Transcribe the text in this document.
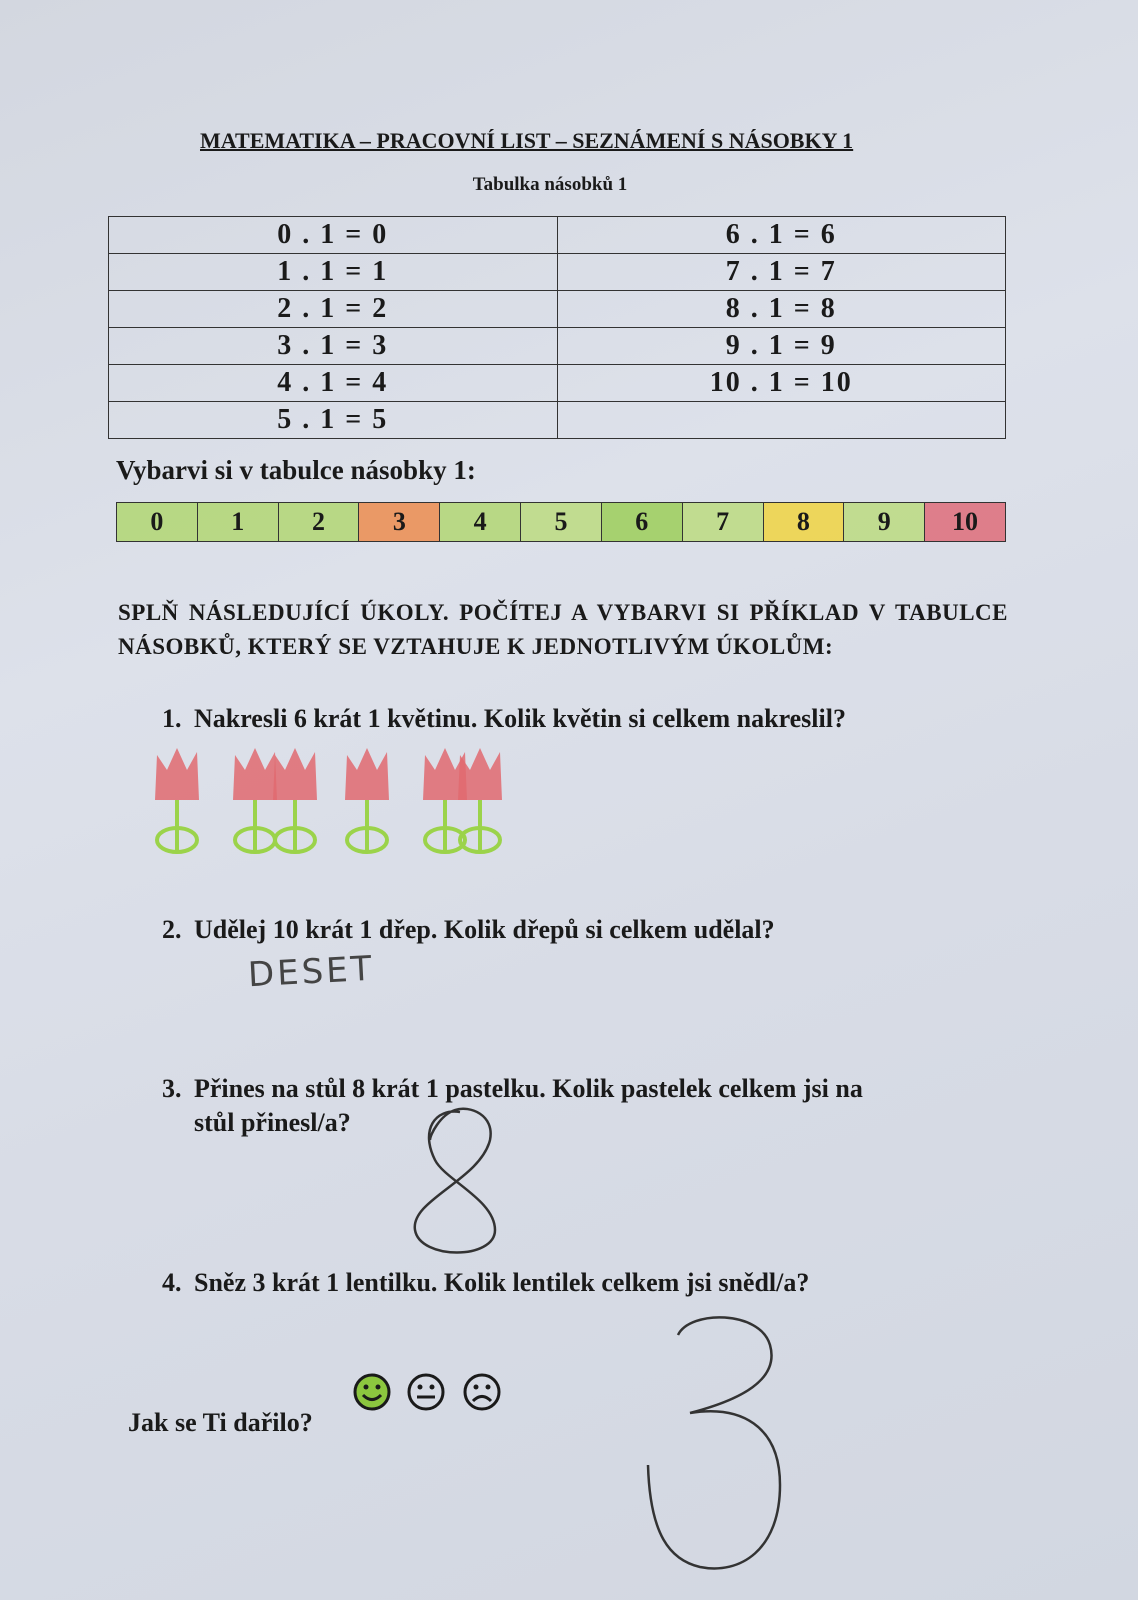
MATEMATIKA – PRACOVNÍ LIST – SEZNÁMENÍ S NÁSOBKY 1
Tabulka násobků 1
0 . 1 = 0	6 . 1 = 6
1 . 1 = 1	7 . 1 = 7
2 . 1 = 2	8 . 1 = 8
3 . 1 = 3	9 . 1 = 9
4 . 1 = 4	10 . 1 = 10
5 . 1 = 5	
Vybarvi si v tabulce násobky 1:
0	1	2	3	4	5	6	7	8	9	10
SPLŇ NÁSLEDUJÍCÍ ÚKOLY. POČÍTEJ A VYBARVI SI PŘÍKLAD V TABULCE NÁSOBKŮ, KTERÝ SE VZTAHUJE K JEDNOTLIVÝM ÚKOLŮM:
1. Nakresli 6 krát 1 květinu. Kolik květin si celkem nakreslil?
2. Udělej 10 krát 1 dřep. Kolik dřepů si celkem udělal?
DESET
3. Přines na stůl 8 krát 1 pastelku. Kolik pastelek celkem jsi na
stůl přinesl/a?
4. Sněz 3 krát 1 lentilku. Kolik lentilek celkem jsi snědl/a?
Jak se Ti dařilo?
